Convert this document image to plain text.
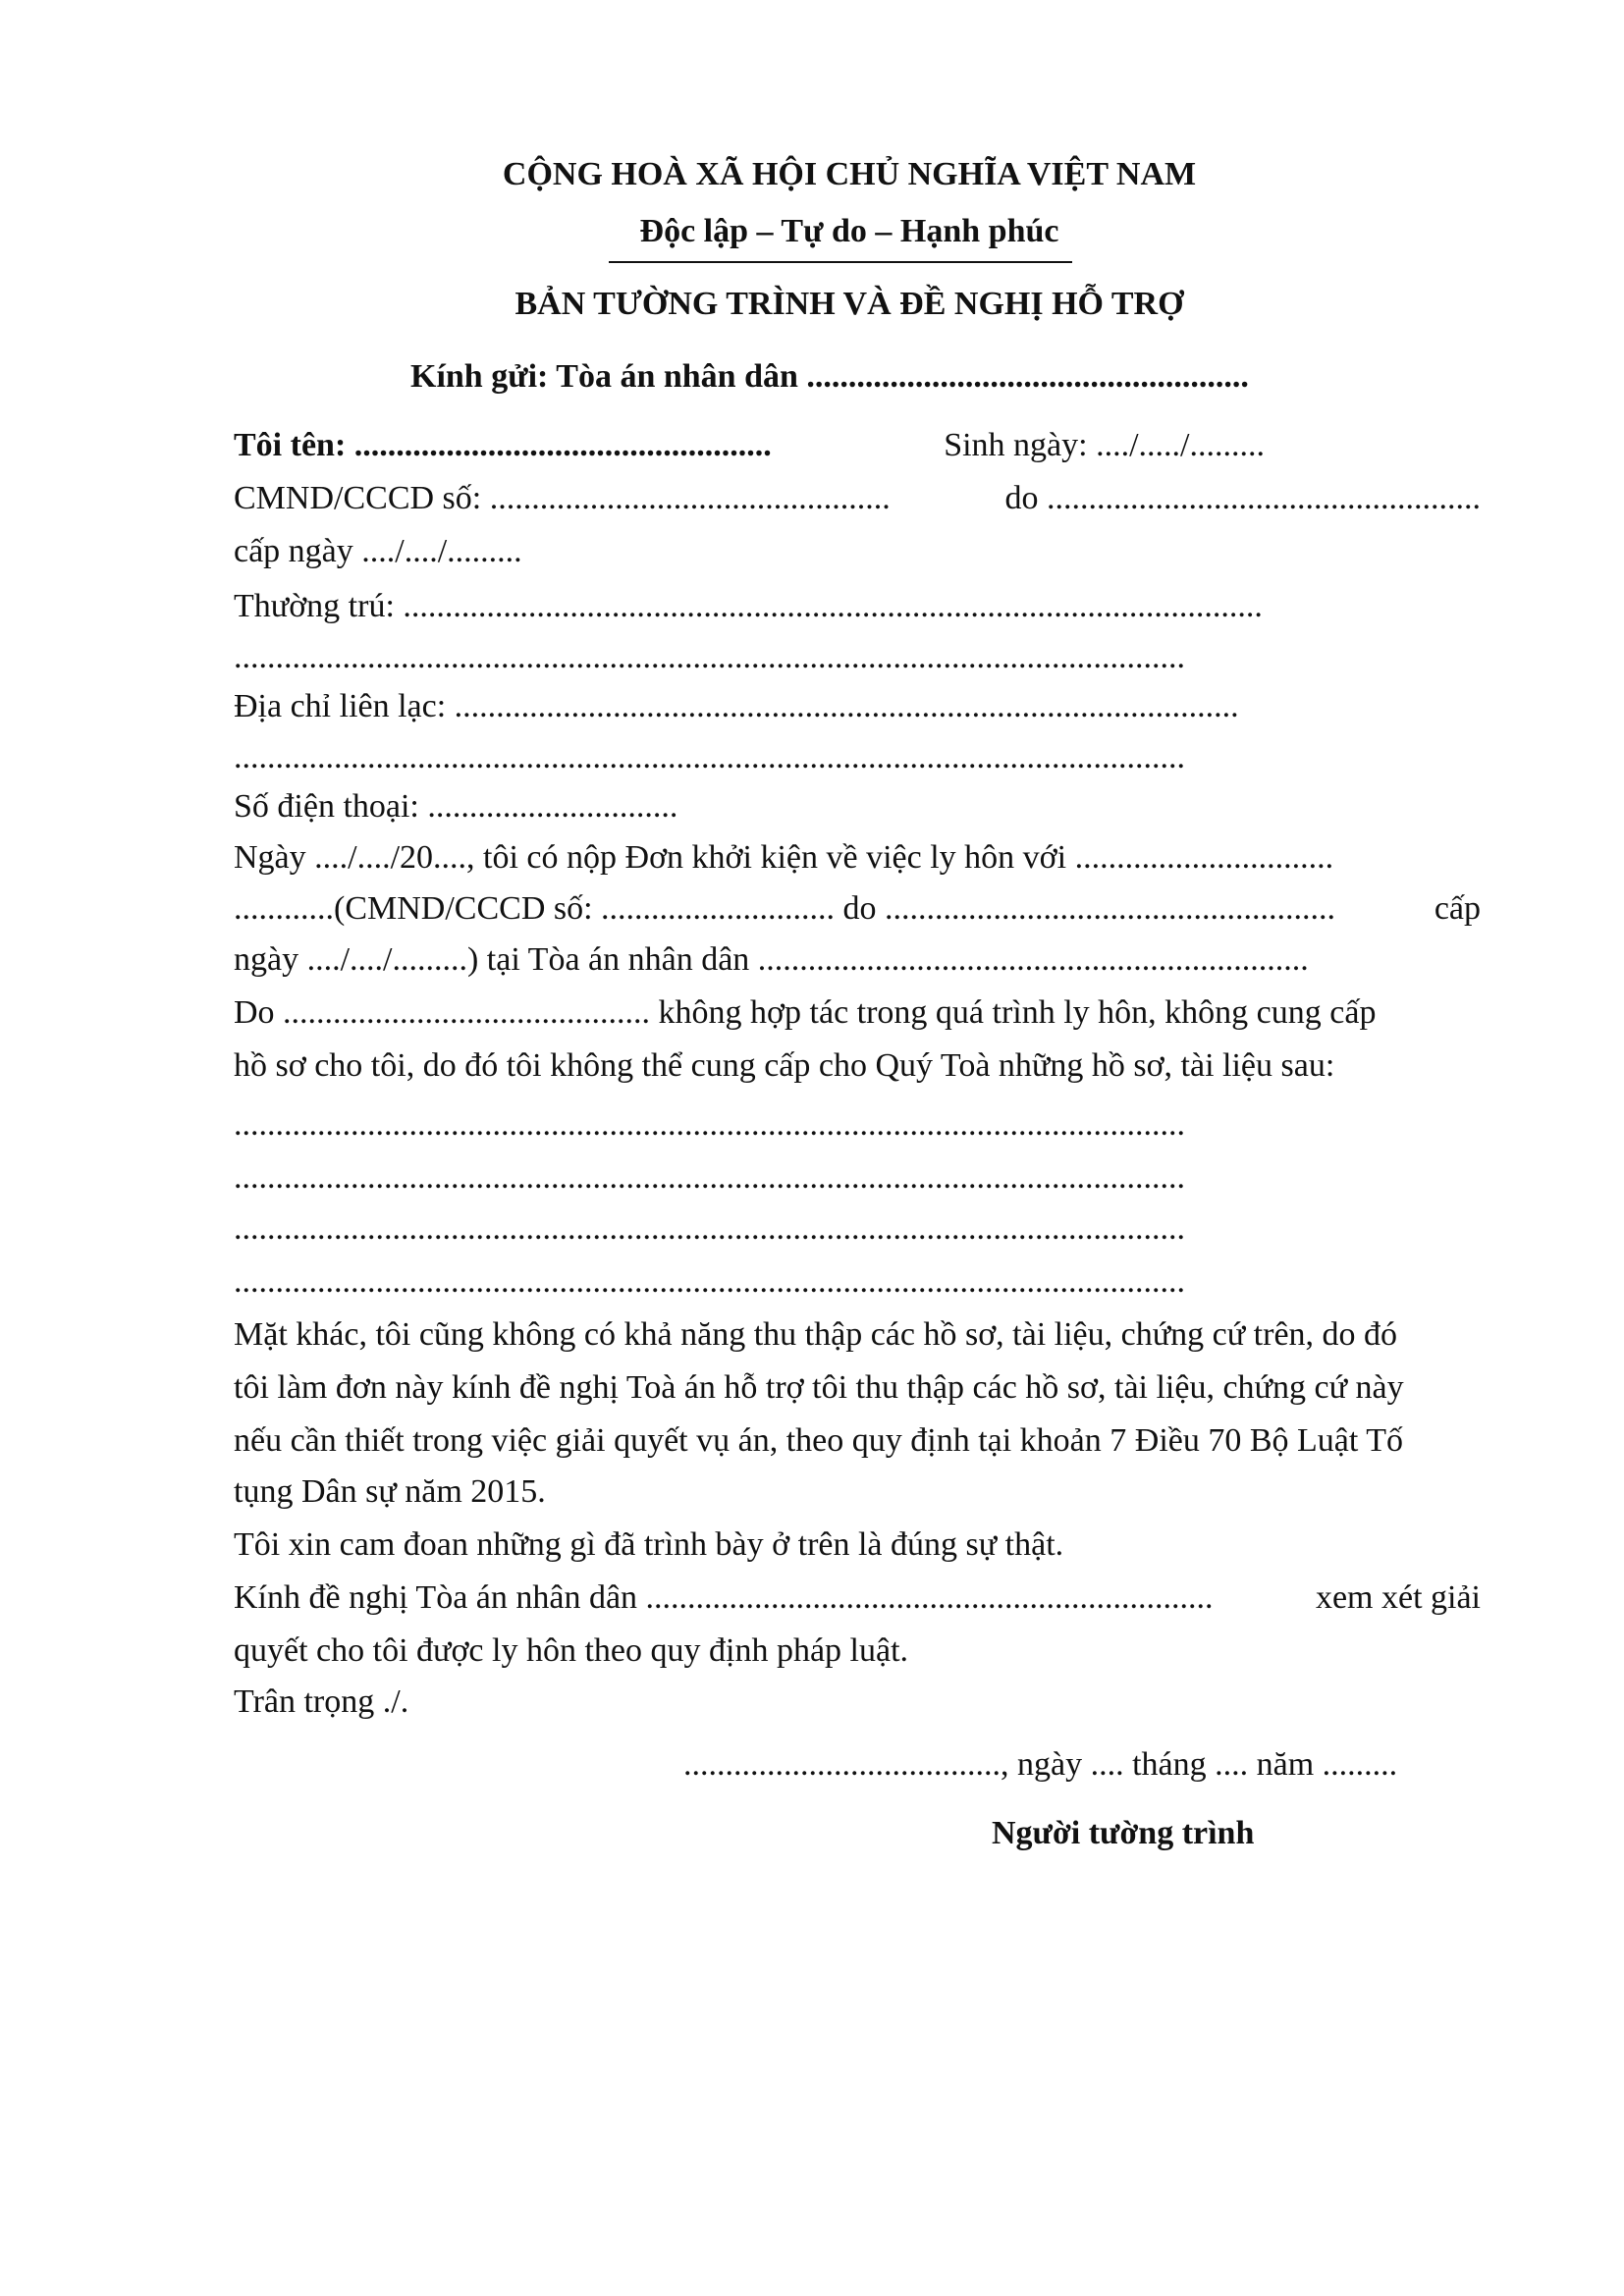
CỘNG HOÀ XÃ HỘI CHỦ NGHĨA VIỆT NAM
Độc lập – Tự do – Hạnh phúc
BẢN TƯỜNG TRÌNH VÀ ĐỀ NGHỊ HỖ TRỢ
Kính gửi: Tòa án nhân dân .....................................................
Tôi tên: ..................................................	Sinh ngày: ..../...../.........
CMND/CCCD số: ................................................	do ....................................................
cấp ngày ..../..../.........
Thường trú: .......................................................................................................
..................................................................................................................
Địa chỉ liên lạc: ..............................................................................................
..................................................................................................................
Số điện thoại: ..............................
Ngày ..../..../20...., tôi có nộp Đơn khởi kiện về việc ly hôn với ...............................
............(CMND/CCCD số: ............................ do ......................................................	cấp
ngày ..../..../.........) tại Tòa án nhân dân ..................................................................
Do ............................................ không hợp tác trong quá trình ly hôn, không cung cấp
hồ sơ cho tôi, do đó tôi không thể cung cấp cho Quý Toà những hồ sơ, tài liệu sau:
..................................................................................................................
..................................................................................................................
..................................................................................................................
..................................................................................................................
Mặt khác, tôi cũng không có khả năng thu thập các hồ sơ, tài liệu, chứng cứ trên, do đó
tôi làm đơn này kính đề nghị Toà án hỗ trợ tôi thu thập các hồ sơ, tài liệu, chứng cứ này
nếu cần thiết trong việc giải quyết vụ án, theo quy định tại khoản 7 Điều 70 Bộ Luật Tố
tụng Dân sự năm 2015.
Tôi xin cam đoan những gì đã trình bày ở trên là đúng sự thật.
Kính đề nghị Tòa án nhân dân ....................................................................	xem xét giải
quyết cho tôi được ly hôn theo quy định pháp luật.
Trân trọng ./.
......................................, ngày .... tháng .... năm .........
Người tường trình
